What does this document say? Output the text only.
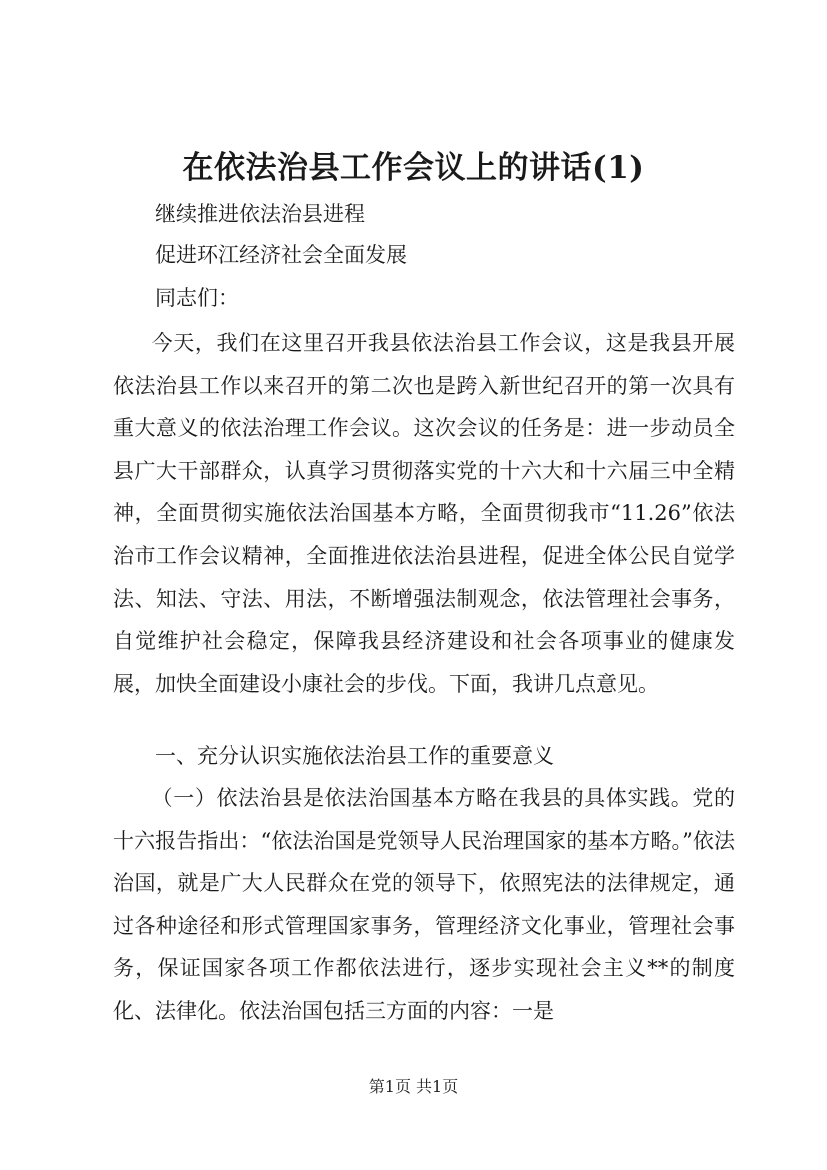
在依法治县工作会议上的讲话(1)
继续推进依法治县进程
促进环江经济社会全面发展
同志们：
今天，我们在这里召开我县依法治县工作会议，这是我县开展依法治县工作以来召开的第二次也是跨入新世纪召开的第一次具有重大意义的依法治理工作会议。这次会议的任务是：进一步动员全县广大干部群众，认真学习贯彻落实党的十六大和十六届三中全精神，全面贯彻实施依法治国基本方略，全面贯彻我市“11.26”依法治市工作会议精神，全面推进依法治县进程，促进全体公民自觉学法、知法、守法、用法，不断增强法制观念，依法管理社会事务，自觉维护社会稳定，保障我县经济建设和社会各项事业的健康发展，加快全面建设小康社会的步伐。下面，我讲几点意见。
一、充分认识实施依法治县工作的重要意义
（一）依法治县是依法治国基本方略在我县的具体实践。党的十六报告指出：“依法治国是党领导人民治理国家的基本方略。”依法治国，就是广大人民群众在党的领导下，依照宪法的法律规定，通过各种途径和形式管理国家事务，管理经济文化事业，管理社会事务，保证国家各项工作都依法进行，逐步实现社会主义**的制度化、法律化。依法治国包括三方面的内容：一是
第1页 共1页
